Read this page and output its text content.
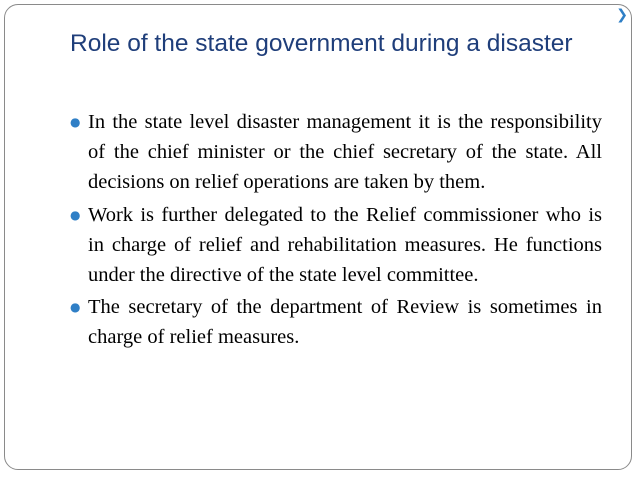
❯
Role of the state government during a disaster
● In the state level disaster management it is the responsibility of the chief minister or the chief secretary of the state. All decisions on relief operations are taken by them.
● Work is further delegated to the Relief commissioner who is in charge of relief and rehabilitation measures. He functions under the directive of the state level committee.
● The secretary of the department of Review is sometimes in charge of relief measures.
